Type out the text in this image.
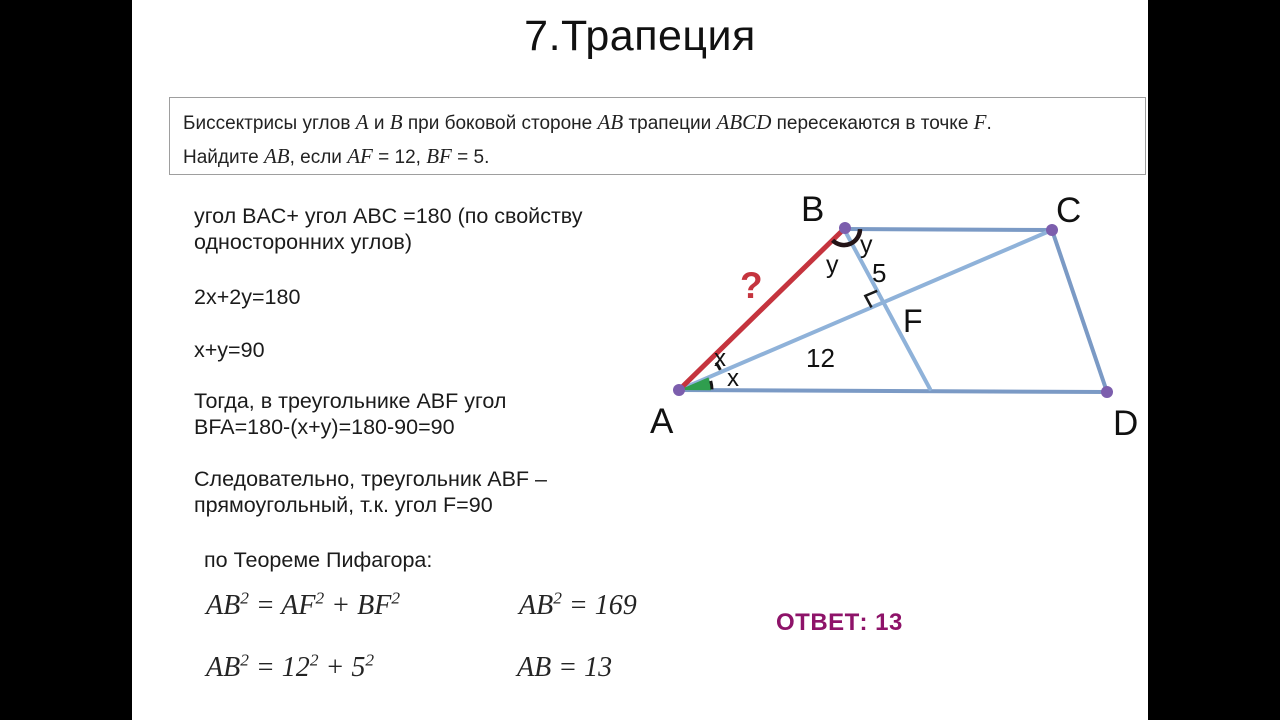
7.Трапеция
Биссектрисы углов A и B при боковой стороне AB трапеции ABCD пересекаются в точке F.
Найдите AB, если AF = 12, BF = 5.
угол BAC+ угол ABC =180 (по свойству
односторонних углов)
2x+2y=180
x+y=90
Тогда, в треугольнике ABF угол
BFA=180-(x+y)=180-90=90
Следовательно, треугольник ABF –
прямоугольный, т.к. угол F=90
по Теореме Пифагора:
$AB^2 = AF^2 + BF^2$	$AB^2 = 169$
$AB^2 = 12^2 + 5^2$	AB = 13
ОТВЕТ: 13
B	C
A	D
F
5
12
y
y
x
x
?
